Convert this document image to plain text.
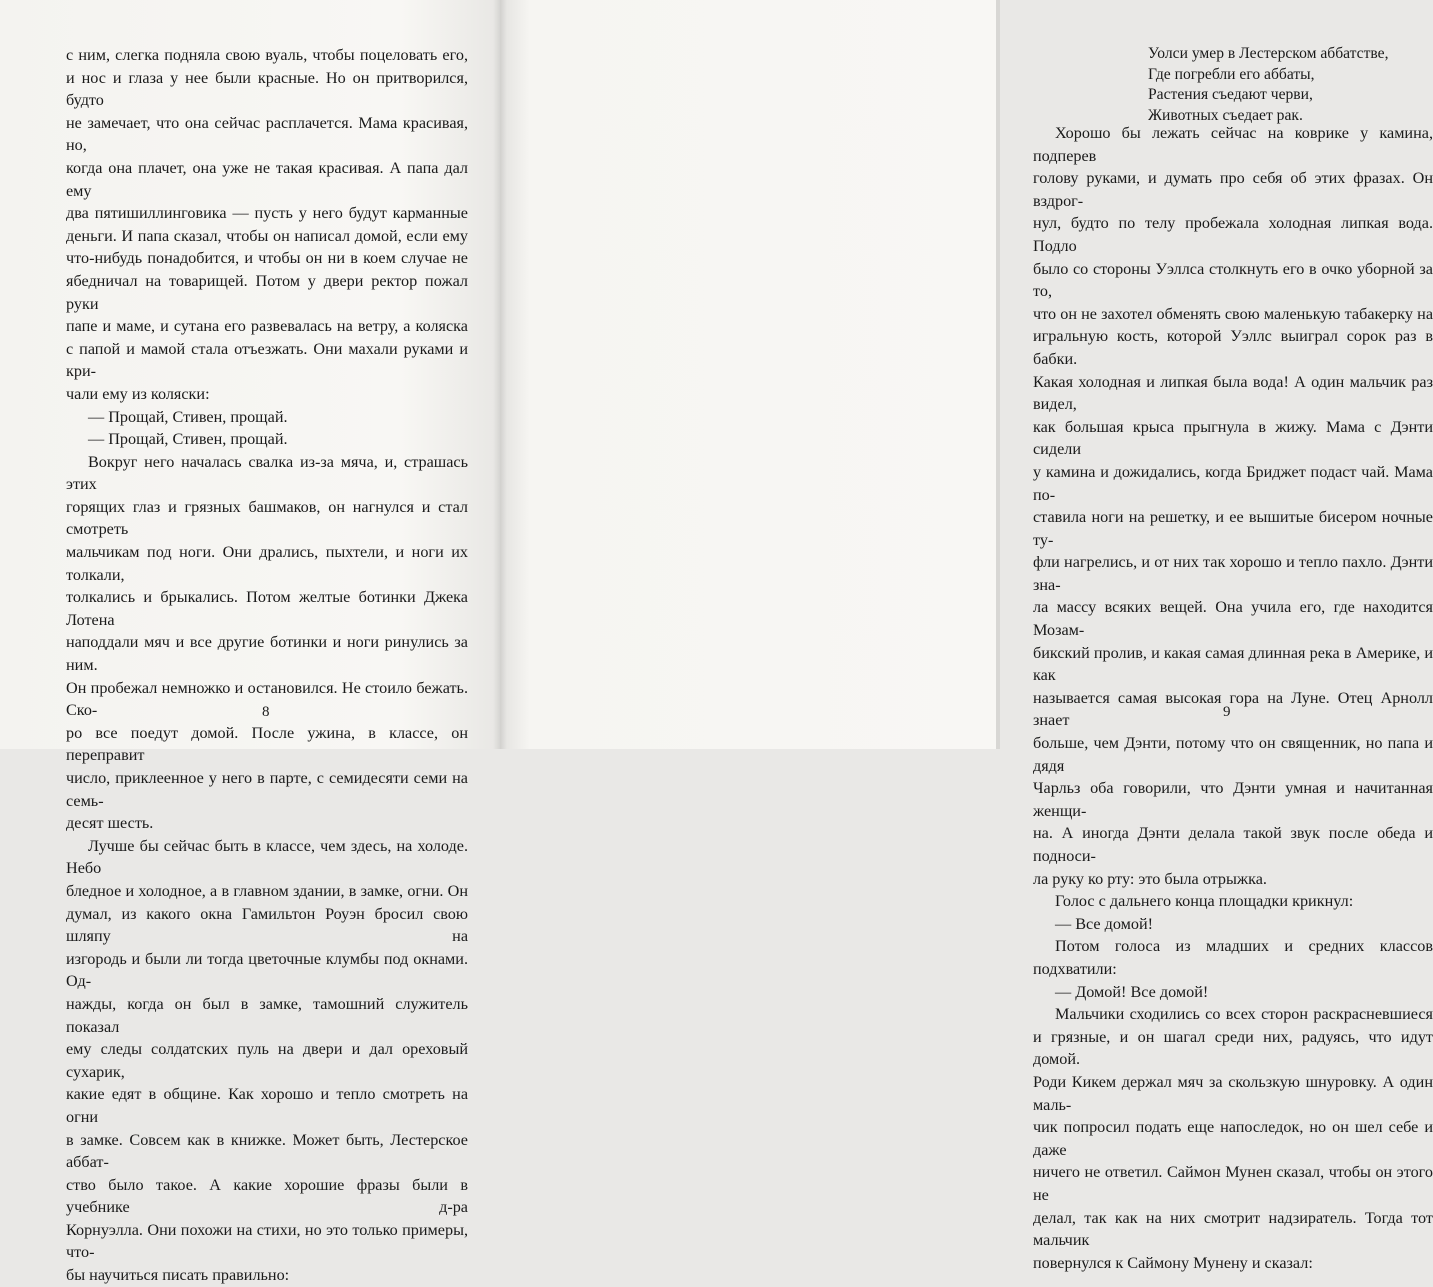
с ним, слегка подняла свою вуаль, чтобы поцеловать его,
и нос и глаза у нее были красные. Но он притворился, будто
не замечает, что она сейчас расплачется. Мама красивая, но,
когда она плачет, она уже не такая красивая. А папа дал ему
два пятишиллинговика — пусть у него будут карманные
деньги. И папа сказал, чтобы он написал домой, если ему
что-нибудь понадобится, и чтобы он ни в коем случае не
ябедничал на товарищей. Потом у двери ректор пожал руки
папе и маме, и сутана его развевалась на ветру, а коляска
с папой и мамой стала отъезжать. Они махали руками и кри-
чали ему из коляски:
— Прощай, Стивен, прощай.
— Прощай, Стивен, прощай.
Вокруг него началась свалка из-за мяча, и, страшась этих
горящих глаз и грязных башмаков, он нагнулся и стал смотреть
мальчикам под ноги. Они дрались, пыхтели, и ноги их толкали,
толкались и брыкались. Потом желтые ботинки Джека Лотена
наподдали мяч и все другие ботинки и ноги ринулись за ним.
Он пробежал немножко и остановился. Не стоило бежать. Ско-
ро все поедут домой. После ужина, в классе, он переправит
число, приклеенное у него в парте, с семидесяти семи на семь-
десят шесть.
Лучше бы сейчас быть в классе, чем здесь, на холоде. Небо
бледное и холодное, а в главном здании, в замке, огни. Он
думал, из какого окна Гамильтон Роуэн бросил свою шляпу на
изгородь и были ли тогда цветочные клумбы под окнами. Од-
нажды, когда он был в замке, тамошний служитель показал
ему следы солдатских пуль на двери и дал ореховый сухарик,
какие едят в общине. Как хорошо и тепло смотреть на огни
в замке. Совсем как в книжке. Может быть, Лестерское аббат-
ство было такое. А какие хорошие фразы были в учебнике д-ра
Корнуэлла. Они похожи на стихи, но это только примеры, что-
бы научиться писать правильно:
8
Уолси умер в Лестерском аббатстве,
Где погребли его аббаты,
Растения съедают черви,
Животных съедает рак.
Хорошо бы лежать сейчас на коврике у камина, подперев
голову руками, и думать про себя об этих фразах. Он вздрог-
нул, будто по телу пробежала холодная липкая вода. Подло
было со стороны Уэллса столкнуть его в очко уборной за то,
что он не захотел обменять свою маленькую табакерку на
игральную кость, которой Уэллс выиграл сорок раз в бабки.
Какая холодная и липкая была вода! А один мальчик раз видел,
как большая крыса прыгнула в жижу. Мама с Дэнти сидели
у камина и дожидались, когда Бриджет подаст чай. Мама по-
ставила ноги на решетку, и ее вышитые бисером ночные ту-
фли нагрелись, и от них так хорошо и тепло пахло. Дэнти зна-
ла массу всяких вещей. Она учила его, где находится Мозам-
бикский пролив, и какая самая длинная река в Америке, и как
называется самая высокая гора на Луне. Отец Арнолл знает
больше, чем Дэнти, потому что он священник, но папа и дядя
Чарльз оба говорили, что Дэнти умная и начитанная женщи-
на. А иногда Дэнти делала такой звук после обеда и подноси-
ла руку ко рту: это была отрыжка.
Голос с дальнего конца площадки крикнул:
— Все домой!
Потом голоса из младших и средних классов подхватили:
— Домой! Все домой!
Мальчики сходились со всех сторон раскрасневшиеся
и грязные, и он шагал среди них, радуясь, что идут домой.
Роди Кикем держал мяч за скользкую шнуровку. А один маль-
чик попросил подать еще напоследок, но он шел себе и даже
ничего не ответил. Саймон Мунен сказал, чтобы он этого не
делал, так как на них смотрит надзиратель. Тогда тот мальчик
повернулся к Саймону Мунену и сказал:
9
